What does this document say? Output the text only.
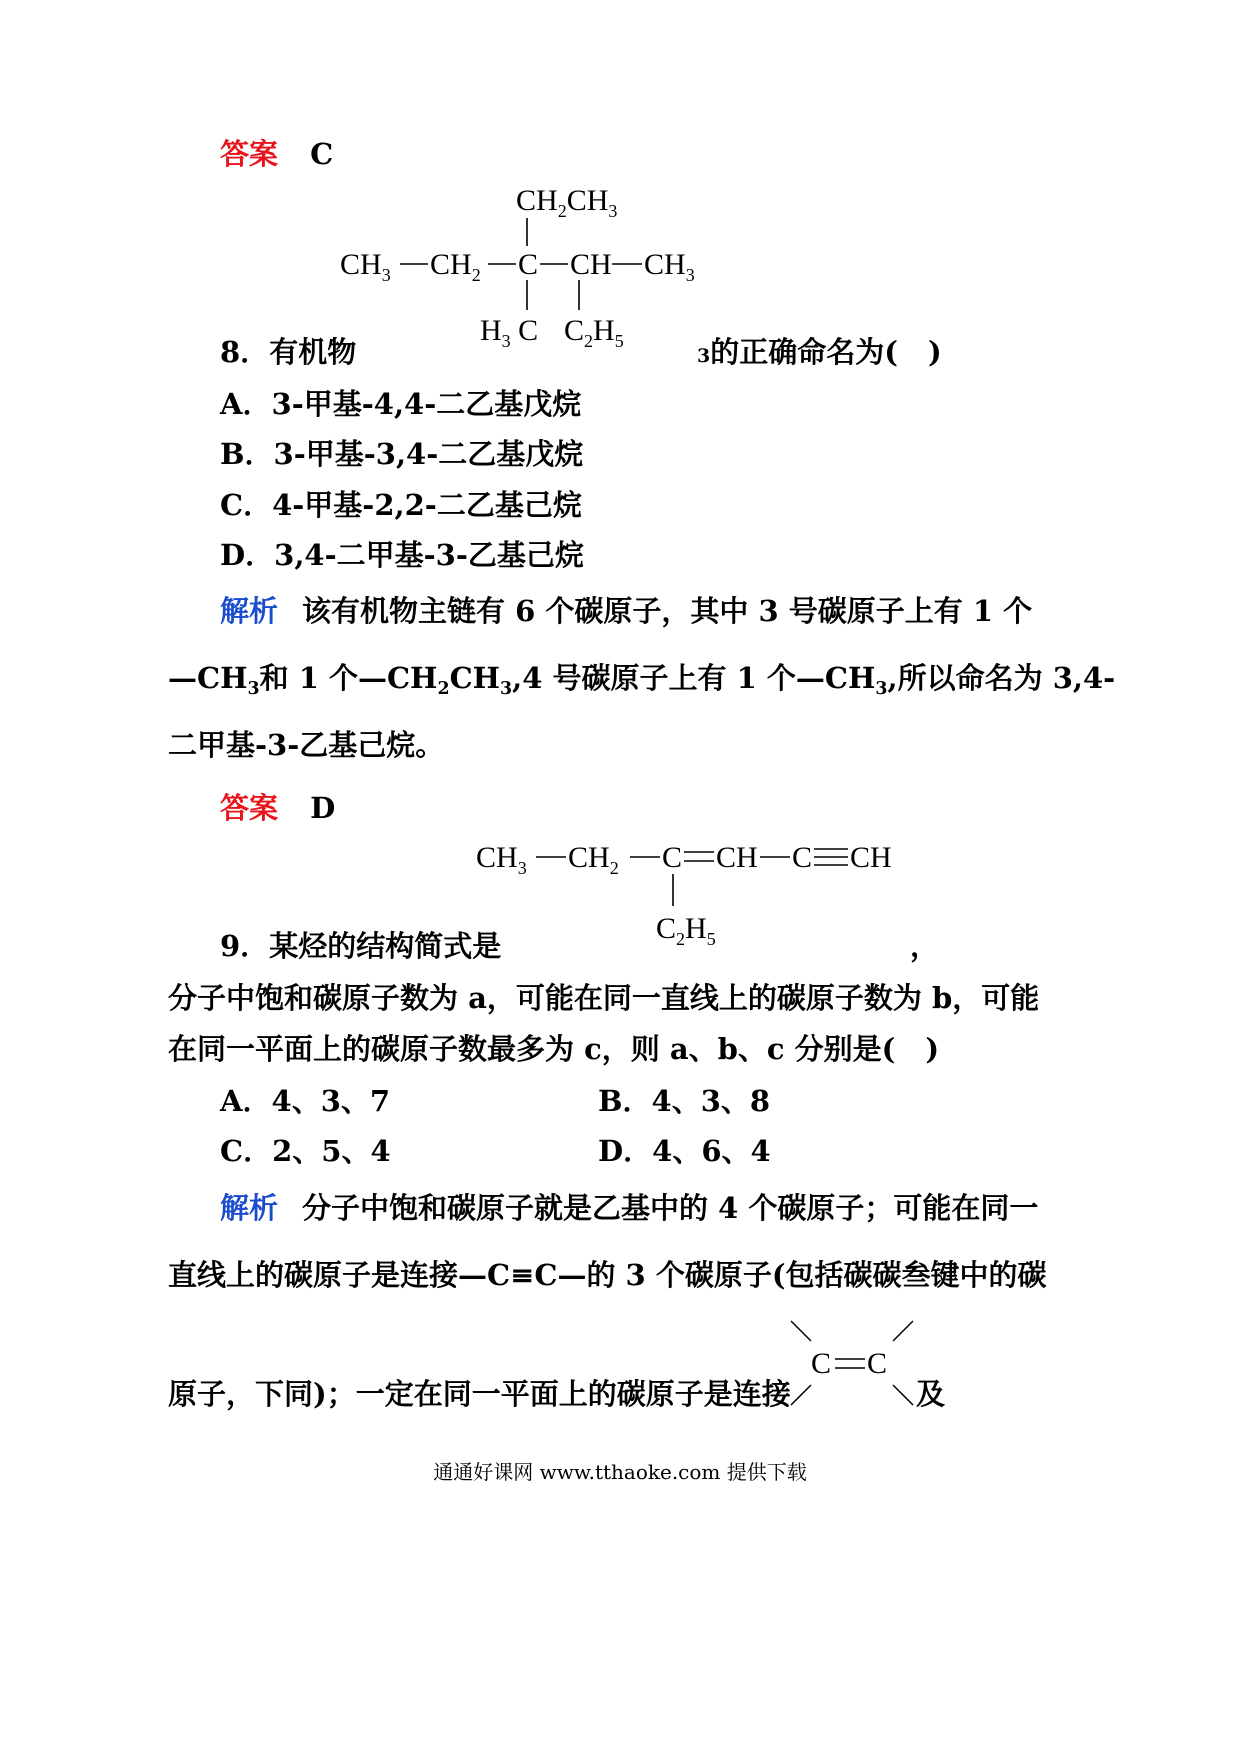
答案 C
$CH_2CH_3$
$CH_3$ $CH_2$ C CH $CH_3$
$H_3$ C $C_2H_5$
8．有机物	3的正确命名为( )
A．3-甲基-4,4-二乙基戊烷
B．3-甲基-3,4-二乙基戊烷
C．4-甲基-2,2-二乙基己烷
D．3,4-二甲基-3-乙基己烷
解析 该有机物主链有 6 个碳原子，其中 3 号碳原子上有 1 个
$—CH_3$和 1 个$—CH_2CH_3,4$ 号碳原子上有 1 个$—CH_3$,所以命名为 3,4-
二甲基-3-乙基己烷。
答案 D
$CH_3$ $CH_2$ C CH C CH
$C_2H_5$
9．某烃的结构简式是	，
分子中饱和碳原子数为 a，可能在同一直线上的碳原子数为 b，可能
在同一平面上的碳原子数最多为 c，则 a、b、c 分别是( )
A．4、3、7	B．4、3、8
C．2、5、4	D．4、6、4
解析 分子中饱和碳原子就是乙基中的 4 个碳原子；可能在同一
直线上的碳原子是连接—C≡C—的 3 个碳原子(包括碳碳叁键中的碳
原子，下同)；一定在同一平面上的碳原子是连接
C C
及
通通好课网 www.tthaoke.com 提供下载
